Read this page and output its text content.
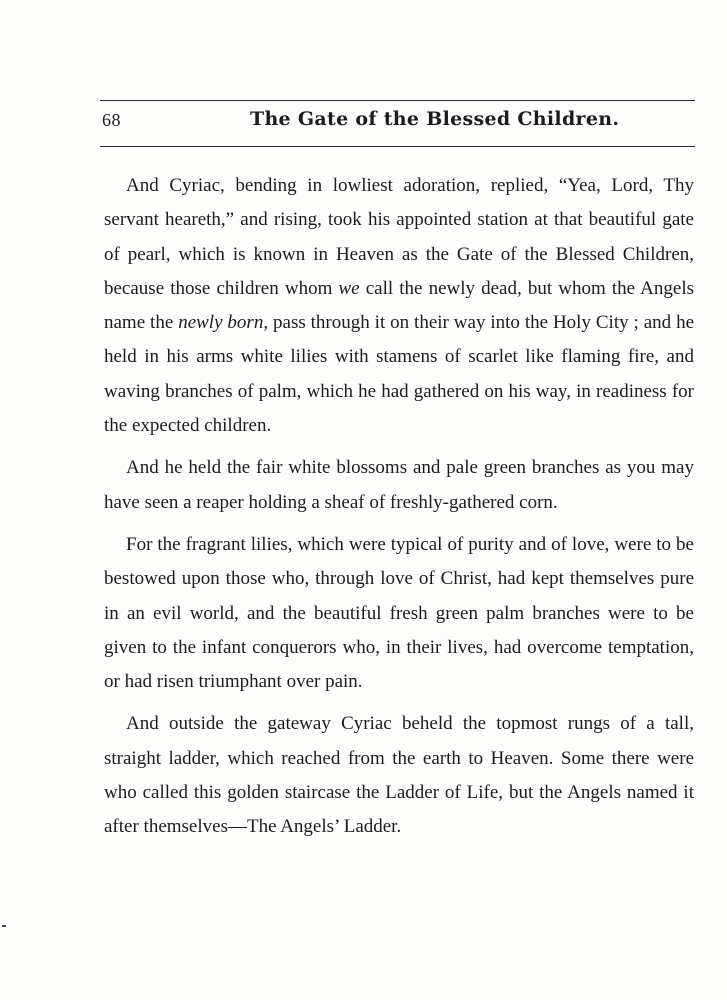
68	The Gate of the Blessed Children.

And Cyriac, bending in lowliest adoration, replied, “Yea, Lord, Thy servant heareth,” and rising, took his appointed station at that beautiful gate of pearl, which is known in Heaven as the Gate of the Blessed Children, because those children whom we call the newly dead, but whom the Angels name the newly born, pass through it on their way into the Holy City ; and he held in his arms white lilies with stamens of scarlet like flaming fire, and waving branches of palm, which he had gathered on his way, in readiness for the expected children.

And he held the fair white blossoms and pale green branches as you may have seen a reaper holding a sheaf of freshly-gathered corn.

For the fragrant lilies, which were typical of purity and of love, were to be bestowed upon those who, through love of Christ, had kept themselves pure in an evil world, and the beautiful fresh green palm branches were to be given to the infant conquerors who, in their lives, had overcome temptation, or had risen triumphant over pain.

And outside the gateway Cyriac beheld the topmost rungs of a tall, straight ladder, which reached from the earth to Heaven. Some there were who called this golden staircase the Ladder of Life, but the Angels named it after themselves—The Angels’ Ladder.
